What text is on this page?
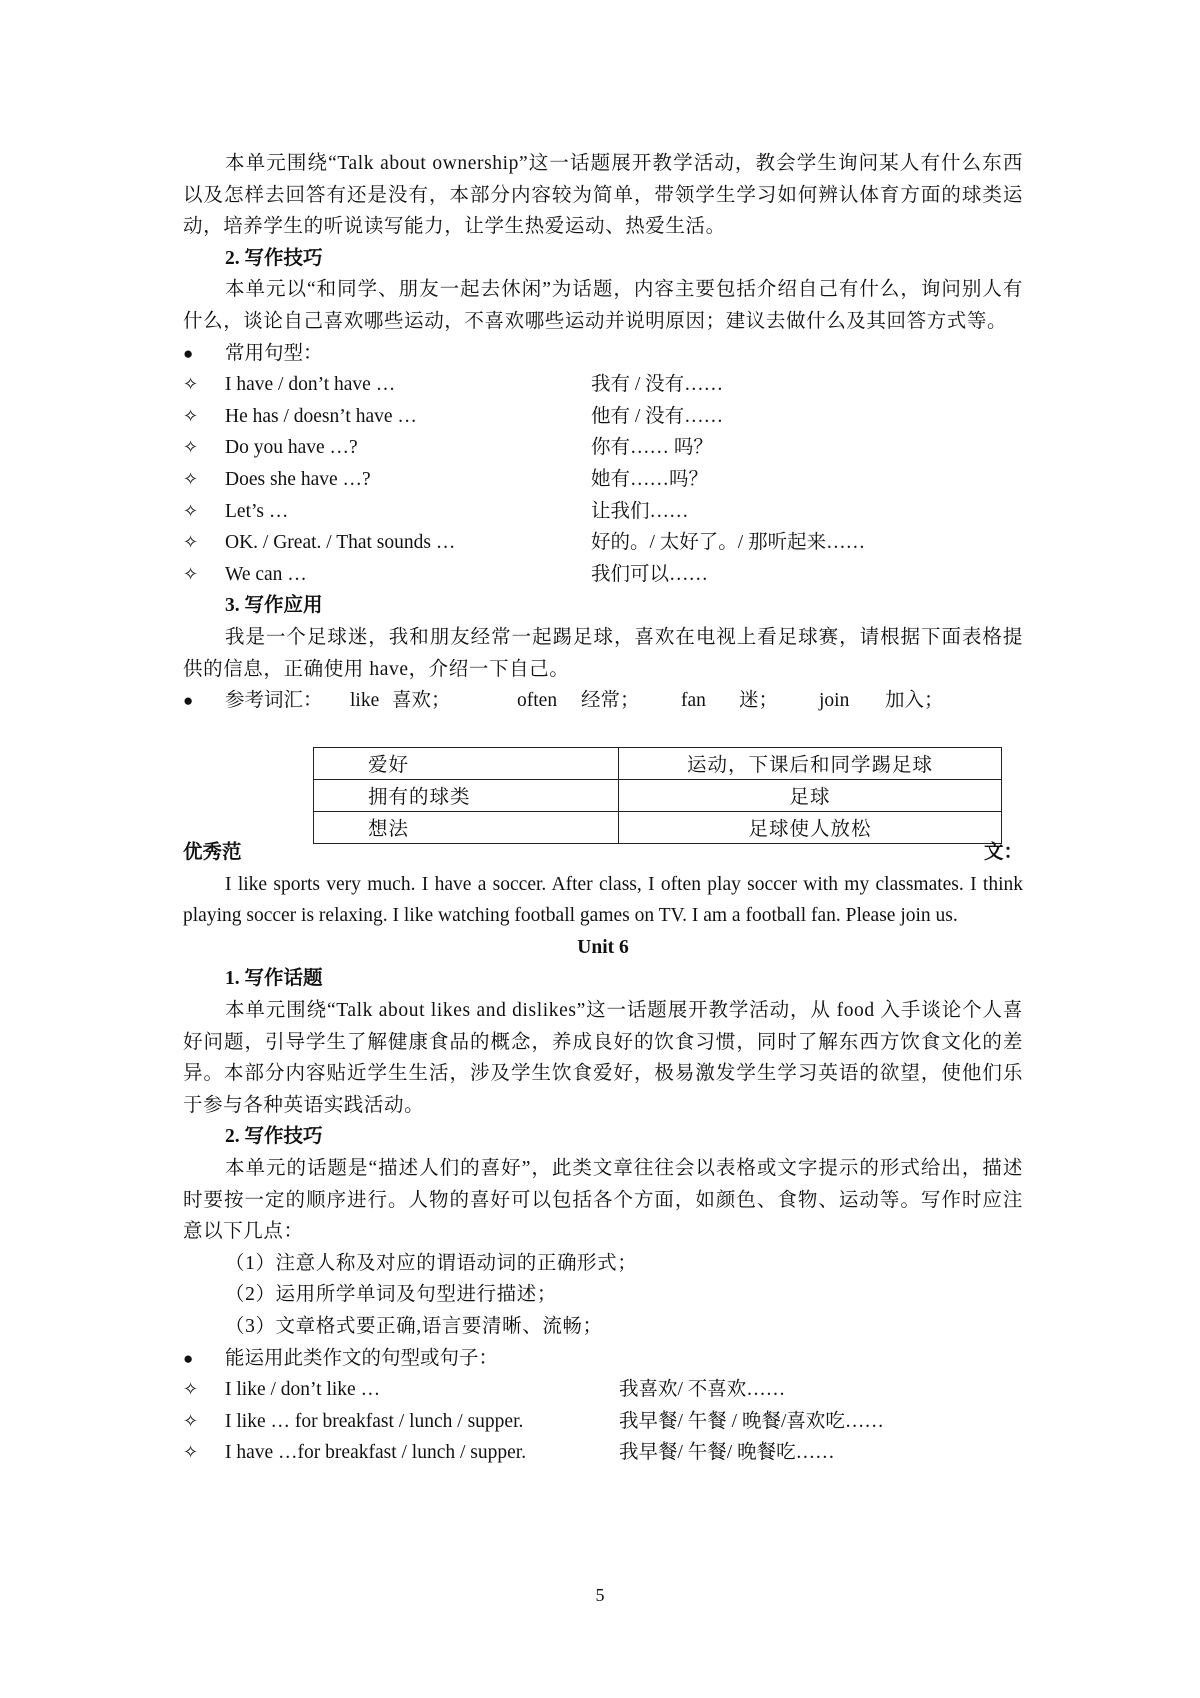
本单元围绕“Talk about ownership”这一话题展开教学活动，教会学生询问某人有什么东西以及怎样去回答有还是没有，本部分内容较为简单，带领学生学习如何辨认体育方面的球类运动，培养学生的听说读写能力，让学生热爱运动、热爱生活。

2. 写作技巧

本单元以“和同学、朋友一起去休闲”为话题，内容主要包括介绍自己有什么，询问别人有什么，谈论自己喜欢哪些运动，不喜欢哪些运动并说明原因；建议去做什么及其回答方式等。

●	常用句型：
✧	I have / don’t have …	我有 / 没有……
✧	He has / doesn’t have …	他有 / 没有……
✧	Do you have …?	你有…… 吗？
✧	Does she have …?	她有……吗？
✧	Let’s …	让我们……
✧	OK. / Great. / That sounds …	好的。/ 太好了。/ 那听起来……
✧	We can …	我们可以……

3. 写作应用

我是一个足球迷，我和朋友经常一起踢足球，喜欢在电视上看足球赛，请根据下面表格提供的信息，正确使用 have，介绍一下自己。

●	参考词汇：	like 喜欢；	often	经常；	fan	迷；	join	加入；
爱好	运动，下课后和同学踢足球
拥有的球类	足球
想法	足球使人放松
优秀范	文：

I like sports very much. I have a soccer. After class, I often play soccer with my classmates. I think playing soccer is relaxing. I like watching football games on TV. I am a football fan. Please join us.

Unit 6

1. 写作话题

本单元围绕“Talk about likes and dislikes”这一话题展开教学活动，从 food 入手谈论个人喜好问题，引导学生了解健康食品的概念，养成良好的饮食习惯，同时了解东西方饮食文化的差异。本部分内容贴近学生生活，涉及学生饮食爱好，极易激发学生学习英语的欲望，使他们乐于参与各种英语实践活动。

2. 写作技巧

本单元的话题是“描述人们的喜好”，此类文章往往会以表格或文字提示的形式给出，描述时要按一定的顺序进行。人物的喜好可以包括各个方面，如颜色、食物、运动等。写作时应注意以下几点：

（1）注意人称及对应的谓语动词的正确形式；

（2）运用所学单词及句型进行描述；

（3）文章格式要正确,语言要清晰、流畅；

●	能运用此类作文的句型或句子：
✧	I like / don’t like …	我喜欢/ 不喜欢……
✧	I like … for breakfast / lunch / supper.	我早餐/ 午餐 / 晚餐/喜欢吃……
✧	I have …for breakfast / lunch / supper.	我早餐/ 午餐/ 晚餐吃……
5
